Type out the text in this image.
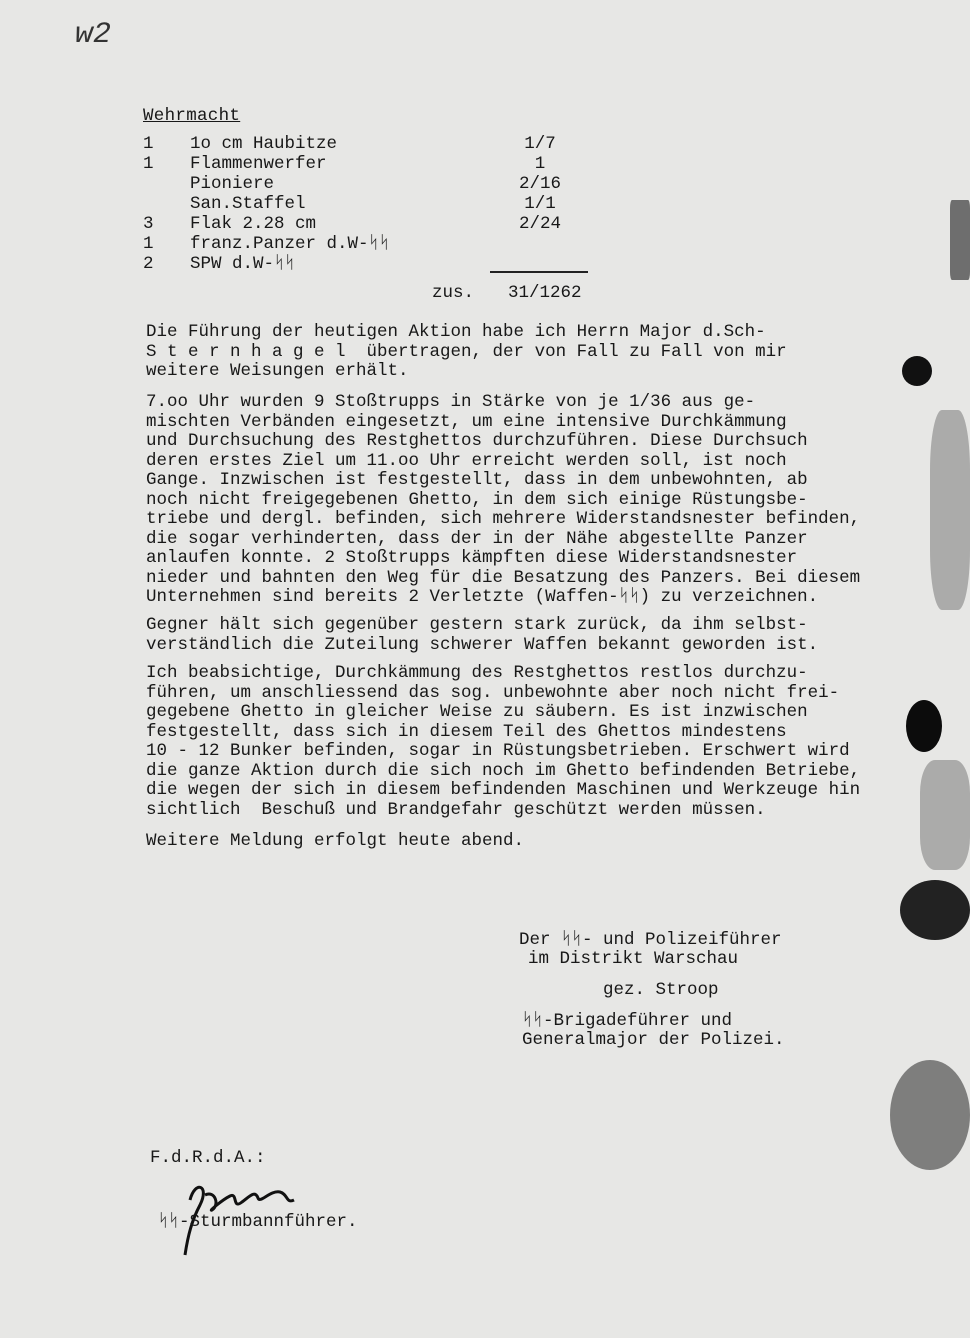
w2
Wehrmacht
1 1o cm Haubitze	1/7
1 Flammenwerfer	1
Pioniere	2/16
San.Staffel	1/1
3 Flak 2.28 cm	2/24
1 franz.Panzer d.W-ᛋᛋ
2 SPW d.W-ᛋᛋ
zus. 31/1262
Die Führung der heutigen Aktion habe ich Herrn Major d.Sch-
S t e r n h a g e l  übertragen, der von Fall zu Fall von mir
weitere Weisungen erhält.
7.oo Uhr wurden 9 Stoßtrupps in Stärke von je 1/36 aus ge-
mischten Verbänden eingesetzt, um eine intensive Durchkämmung
und Durchsuchung des Restghettos durchzuführen. Diese Durchsuch
deren erstes Ziel um 11.oo Uhr erreicht werden soll, ist noch
Gange. Inzwischen ist festgestellt, dass in dem unbewohnten, ab
noch nicht freigegebenen Ghetto, in dem sich einige Rüstungsbe-
triebe und dergl. befinden, sich mehrere Widerstandsnester befinden,
die sogar verhinderten, dass der in der Nähe abgestellte Panzer
anlaufen konnte. 2 Stoßtrupps kämpften diese Widerstandsnester
nieder und bahnten den Weg für die Besatzung des Panzers. Bei diesem
Unternehmen sind bereits 2 Verletzte (Waffen-ᛋᛋ) zu verzeichnen.
Gegner hält sich gegenüber gestern stark zurück, da ihm selbst-
verständlich die Zuteilung schwerer Waffen bekannt geworden ist.
Ich beabsichtige, Durchkämmung des Restghettos restlos durchzu-
führen, um anschliessend das sog. unbewohnte aber noch nicht frei-
gegebene Ghetto in gleicher Weise zu säubern. Es ist inzwischen
festgestellt, dass sich in diesem Teil des Ghettos mindestens
10 - 12 Bunker befinden, sogar in Rüstungsbetrieben. Erschwert wird
die ganze Aktion durch die sich noch im Ghetto befindenden Betriebe,
die wegen der sich in diesem befindenden Maschinen und Werkzeuge hin
sichtlich  Beschuß und Brandgefahr geschützt werden müssen.
Weitere Meldung erfolgt heute abend.
Der ᛋᛋ- und Polizeiführer
im Distrikt Warschau
gez. Stroop
ᛋᛋ-Brigadeführer und
Generalmajor der Polizei.
F.d.R.d.A.:
ᛋᛋ-Sturmbannführer.
